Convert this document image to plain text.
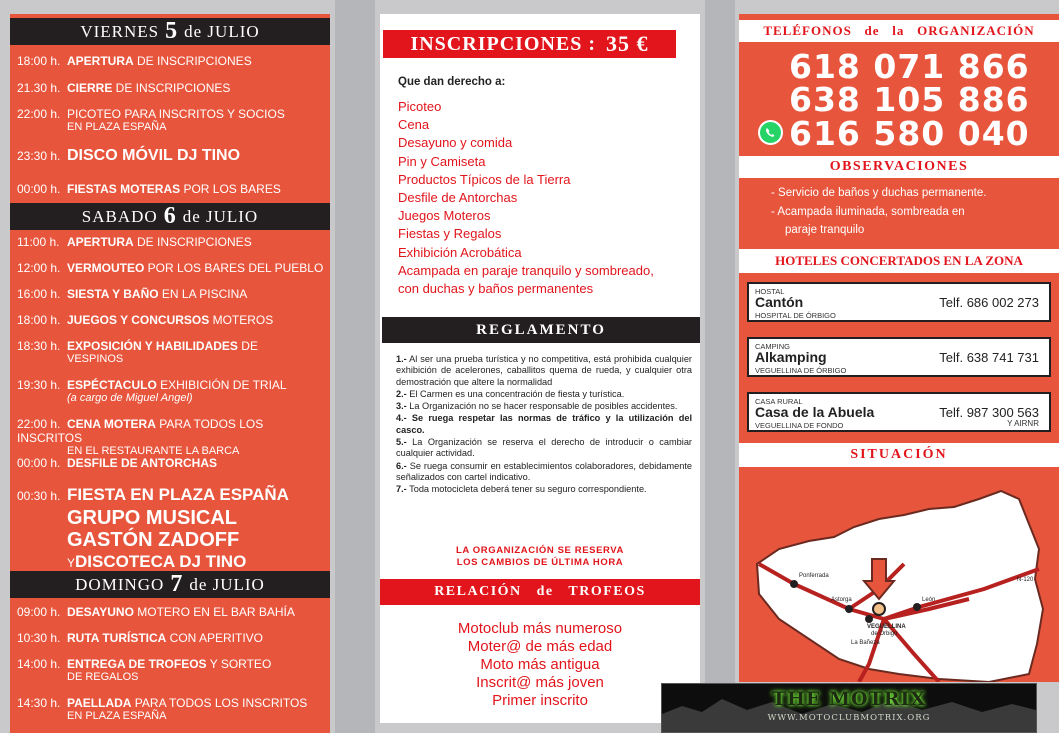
VIERNES 5 de JULIO
18:00 h. APERTURA DE INSCRIPCIONES
21.30 h. CIERRE DE INSCRIPCIONES
22:00 h. PICOTEO PARA INSCRITOS Y SOCIOS
EN PLAZA ESPAÑA
23:30 h. DISCO MÓVIL DJ TINO
00:00 h. FIESTAS MOTERAS POR LOS BARES
SABADO 6 de JULIO
11:00 h. APERTURA DE INSCRIPCIONES
12:00 h. VERMOUTEO POR LOS BARES DEL PUEBLO
16:00 h. SIESTA Y BAÑO EN LA PISCINA
18:00 h. JUEGOS Y CONCURSOS MOTEROS
18:30 h. EXPOSICIÓN Y HABILIDADES DE
VESPINOS
19:30 h. ESPÉCTACULO EXHIBICIÓN DE TRIAL
(a cargo de Miguel Angel)
22:00 h. CENA MOTERA PARA TODOS LOS INSCRITOS
EN EL RESTAURANTE LA BARCA
00:00 h. DESFILE DE ANTORCHAS
00:30 h. FIESTA EN PLAZA ESPAÑA
GRUPO MUSICAL
GASTÓN ZADOFF
YDISCOTECA DJ TINO
DOMINGO 7 de JULIO
09:00 h. DESAYUNO MOTERO EN EL BAR BAHÍA
10:30 h. RUTA TURÍSTICA CON APERITIVO
14:00 h. ENTREGA DE TROFEOS Y SORTEO
DE REGALOS
14:30 h. PAELLADA PARA TODOS LOS INSCRITOS
EN PLAZA ESPAÑA
INSCRIPCIONES : 35 €
Que dan derecho a:
Picoteo
Cena
Desayuno y comida
Pin y Camiseta
Productos Típicos de la Tierra
Desfile de Antorchas
Juegos Moteros
Fiestas y Regalos
Exhibición Acrobática
Acampada en paraje tranquilo y sombreado,
con duchas y baños permanentes
REGLAMENTO

1.- Al ser una prueba turística y no competitiva, está prohibida cualquier exhibición de acelerones, caballitos quema de rueda, y cualquier otra demostración que altere la normalidad

2.- El Carmen es una concentración de fiesta y turística.

3.- La Organización no se hacer responsable de posibles accidentes.

4.- Se ruega respetar las normas de tráfico y la utilización del casco.

5.- La Organización se reserva el derecho de introducir o cambiar cualquier actividad.

6.- Se ruega consumir en establecimientos colaboradores, debidamente señalizados con cartel indicativo.

7.- Toda motocicleta deberá tener su seguro correspondiente.

LA ORGANIZACIÓN SE RESERVA
LOS CAMBIOS DE ÚLTIMA HORA
RELACIÓN   de   TROFEOS
Motoclub más numeroso
Moter@ de más edad
Moto más antigua
Inscrit@ más joven
Primer inscrito
TELÉFONOS   de   la   ORGANIZACIÓN
618 071 866
638 105 886
616 580 040
OBSERVACIONES
- Servicio de baños y duchas permanente.
- Acampada iluminada, sombreada en
paraje tranquilo
HOTELES CONCERTADOS EN LA ZONA
HOSTAL
Cantón
HOSPITAL DE ÓRBIGO
Telf. 686 002 273
CAMPING
Alkamping
VEGUELLINA DE ÓRBIGO
Telf. 638 741 731
CASA RURAL
Casa de la Abuela
VEGUELLINA DE FONDO
Telf. 987 300 563
Y AIRNR
SITUACIÓN
Ponferrada
Astorga	León
VEGUELLINA
de Órbigo
La Bañeza
N-120
THE MOTRIX
WWW.MOTOCLUBMOTRIX.ORG
